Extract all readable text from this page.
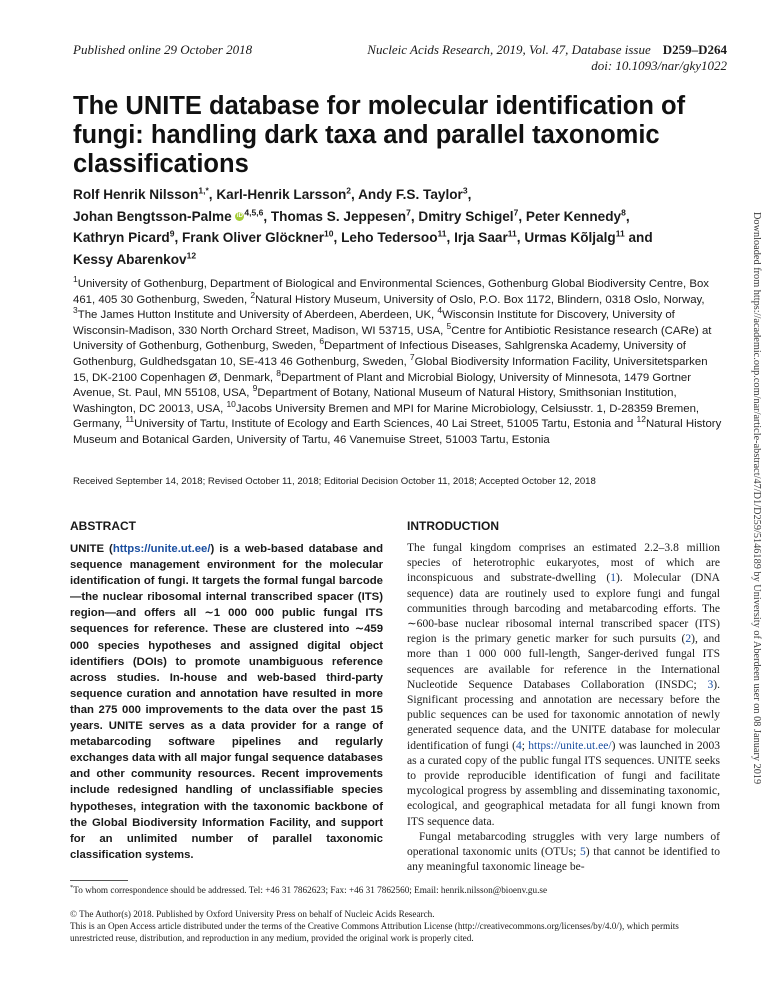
Published online 29 October 2018	Nucleic Acids Research, 2019, Vol. 47, Database issue D259–D264
doi: 10.1093/nar/gky1022
The UNITE database for molecular identification of fungi: handling dark taxa and parallel taxonomic classifications
Rolf Henrik Nilsson$^{1,*}$, Karl-Henrik Larsson$^2$, Andy F.S. Taylor$^3$,
Johan Bengtsson-Palme iD $^{4,5,6}$, Thomas S. Jeppesen$^7$, Dmitry Schigel$^7$, Peter Kennedy$^8$,
Kathryn Picard$^9$, Frank Oliver Glöckner$^{10}$, Leho Tedersoo$^{11}$, Irja Saar$^{11}$, Urmas Kõljalg$^{11}$ and
Kessy Abarenkov$^{12}$
$^1$University of Gothenburg, Department of Biological and Environmental Sciences, Gothenburg Global Biodiversity Centre, Box 461, 405 30 Gothenburg, Sweden, $^2$Natural History Museum, University of Oslo, P.O. Box 1172, Blindern, 0318 Oslo, Norway, $^3$The James Hutton Institute and University of Aberdeen, Aberdeen, UK, $^4$Wisconsin Institute for Discovery, University of Wisconsin-Madison, 330 North Orchard Street, Madison, WI 53715, USA, $^5$Centre for Antibiotic Resistance research (CARe) at University of Gothenburg, Gothenburg, Sweden, $^6$Department of Infectious Diseases, Sahlgrenska Academy, University of Gothenburg, Guldhedsgatan 10, SE-413 46 Gothenburg, Sweden, $^7$Global Biodiversity Information Facility, Universitetsparken 15, DK-2100 Copenhagen Ø, Denmark, $^8$Department of Plant and Microbial Biology, University of Minnesota, 1479 Gortner Avenue, St. Paul, MN 55108, USA, $^9$Department of Botany, National Museum of Natural History, Smithsonian Institution, Washington, DC 20013, USA, $^{10}$Jacobs University Bremen and MPI for Marine Microbiology, Celsiusstr. 1, D-28359 Bremen, Germany, $^{11}$University of Tartu, Institute of Ecology and Earth Sciences, 40 Lai Street, 51005 Tartu, Estonia and $^{12}$Natural History Museum and Botanical Garden, University of Tartu, 46 Vanemuise Street, 51003 Tartu, Estonia
Received September 14, 2018; Revised October 11, 2018; Editorial Decision October 11, 2018; Accepted October 12, 2018
ABSTRACT
UNITE (https://unite.ut.ee/) is a web-based database and sequence management environment for the molecular identification of fungi. It targets the formal fungal barcode—the nuclear ribosomal internal transcribed spacer (ITS) region—and offers all ∼1 000 000 public fungal ITS sequences for reference. These are clustered into ∼459 000 species hypotheses and assigned digital object identifiers (DOIs) to promote unambiguous reference across studies. In-house and web-based third-party sequence curation and annotation have resulted in more than 275 000 improvements to the data over the past 15 years. UNITE serves as a data provider for a range of metabarcoding software pipelines and regularly exchanges data with all major fungal sequence databases and other community resources. Recent improvements include redesigned handling of unclassifiable species hypotheses, integration with the taxonomic backbone of the Global Biodiversity Information Facility, and support for an unlimited number of parallel taxonomic classification systems.
INTRODUCTION

The fungal kingdom comprises an estimated 2.2–3.8 million species of heterotrophic eukaryotes, most of which are inconspicuous and substrate-dwelling (1). Molecular (DNA sequence) data are routinely used to explore fungi and fungal communities through barcoding and metabarcoding efforts. The ∼600-base nuclear ribosomal internal transcribed spacer (ITS) region is the primary genetic marker for such pursuits (2), and more than 1 000 000 full-length, Sanger-derived fungal ITS sequences are available for reference in the International Nucleotide Sequence Databases Collaboration (INSDC; 3). Significant processing and annotation are necessary before the public sequences can be used for taxonomic annotation of newly generated sequence data, and the UNITE database for molecular identification of fungi (4; https://unite.ut.ee/) was launched in 2003 as a curated copy of the public fungal ITS sequences. UNITE seeks to provide reproducible identification of fungi and facilitate mycological progress by assembling and disseminating taxonomic, ecological, and geographical metadata for all fungi known from ITS sequence data.

Fungal metabarcoding struggles with very large numbers of operational taxonomic units (OTUs; 5) that cannot be identified to any meaningful taxonomic lineage be-

Downloaded from https://academic.oup.com/nar/article-abstract/47/D1/D259/5146189 by University of Aberdeen user on 08 January 2019
*To whom correspondence should be addressed. Tel: +46 31 7862623; Fax: +46 31 7862560; Email: henrik.nilsson@bioenv.gu.se

© The Author(s) 2018. Published by Oxford University Press on behalf of Nucleic Acids Research.

This is an Open Access article distributed under the terms of the Creative Commons Attribution License (http://creativecommons.org/licenses/by/4.0/), which permits unrestricted reuse, distribution, and reproduction in any medium, provided the original work is properly cited.
